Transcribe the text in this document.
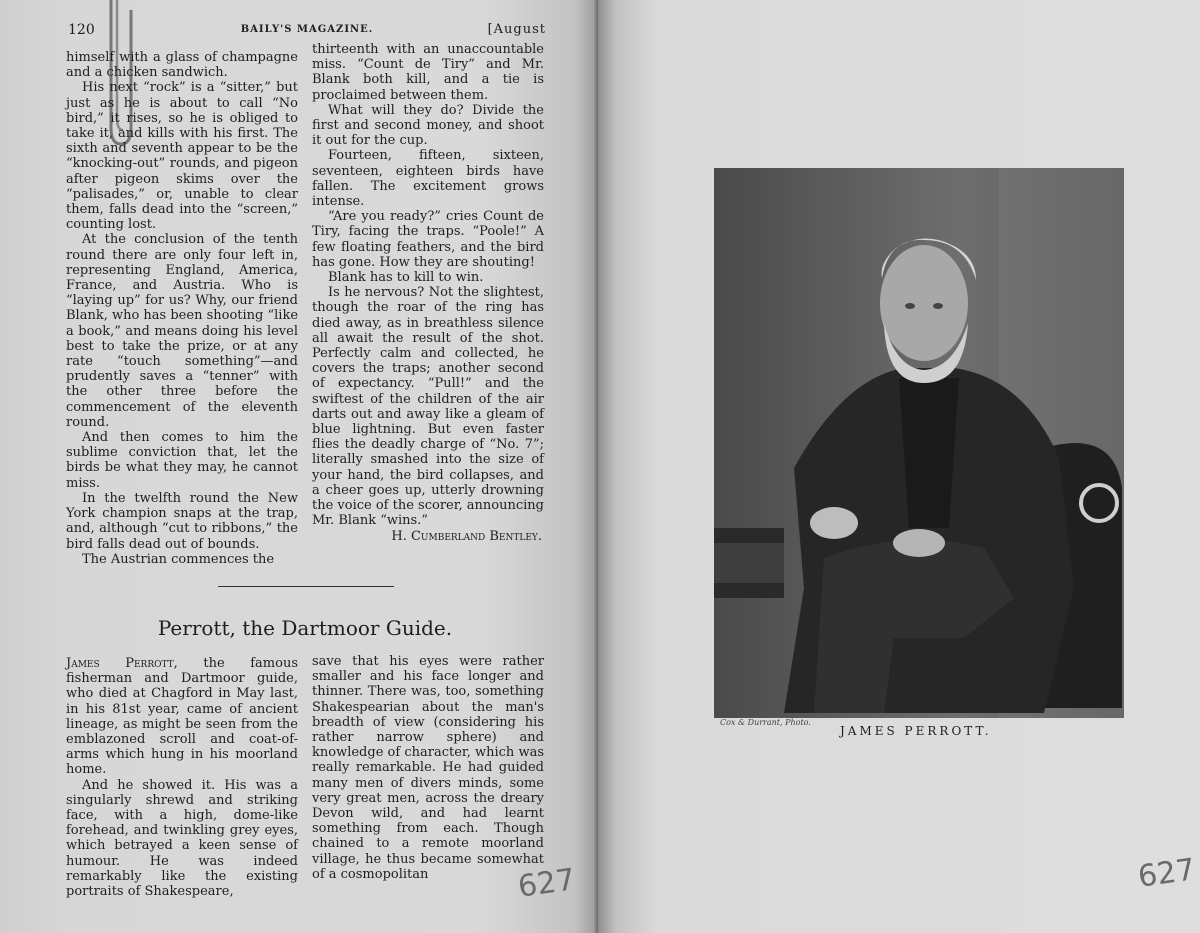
120	BAILY'S MAGAZINE.	[August

himself with a glass of champagne and a chicken sandwich.

His next “rock” is a “sitter,” but just as he is about to call “No bird,” it rises, so he is obliged to take it, and kills with his first. The sixth and seventh appear to be the “knocking-out” rounds, and pigeon after pigeon skims over the “palisades,” or, unable to clear them, falls dead into the “screen,” counting lost.

At the conclusion of the tenth round there are only four left in, representing England, America, France, and Austria. Who is “laying up” for us? Why, our friend Blank, who has been shooting “like a book,” and means doing his level best to take the prize, or at any rate “touch something”—and prudently saves a “tenner” with the other three before the commencement of the eleventh round.

And then comes to him the sublime conviction that, let the birds be what they may, he cannot miss.

In the twelfth round the New York champion snaps at the trap, and, although “cut to ribbons,” the bird falls dead out of bounds.

The Austrian commences the

thirteenth with an unaccountable miss. “Count de Tiry” and Mr. Blank both kill, and a tie is proclaimed between them.

What will they do? Divide the first and second money, and shoot it out for the cup.

Fourteen, fifteen, sixteen, seventeen, eighteen birds have fallen. The excitement grows intense.

“Are you ready?” cries Count de Tiry, facing the traps. “Poole!” A few floating feathers, and the bird has gone. How they are shouting!

Blank has to kill to win.

Is he nervous? Not the slightest, though the roar of the ring has died away, as in breathless silence all await the result of the shot. Perfectly calm and collected, he covers the traps; another second of expectancy. “Pull!” and the swiftest of the children of the air darts out and away like a gleam of blue lightning. But even faster flies the deadly charge of “No. 7”; literally smashed into the size of your hand, the bird collapses, and a cheer goes up, utterly drowning the voice of the scorer, announcing Mr. Blank “wins.”

H. Cumberland Bentley.

Perrott, the Dartmoor Guide.

James Perrott, the famous fisherman and Dartmoor guide, who died at Chagford in May last, in his 81st year, came of ancient lineage, as might be seen from the emblazoned scroll and coat-of-arms which hung in his moorland home.

And he showed it. His was a singularly shrewd and striking face, with a high, dome-like forehead, and twinkling grey eyes, which betrayed a keen sense of humour. He was indeed remarkably like the existing portraits of Shakespeare,

save that his eyes were rather smaller and his face longer and thinner. There was, too, something Shakespearian about the man's breadth of view (considering his rather narrow sphere) and knowledge of character, which was really remarkable. He had guided many men of divers minds, some very great men, across the dreary Devon wild, and had learnt something from each. Though chained to a remote moorland village, he thus became somewhat of a cosmopolitan	627
Cox & Durrant, Photo.
JAMES PERROTT.
627
